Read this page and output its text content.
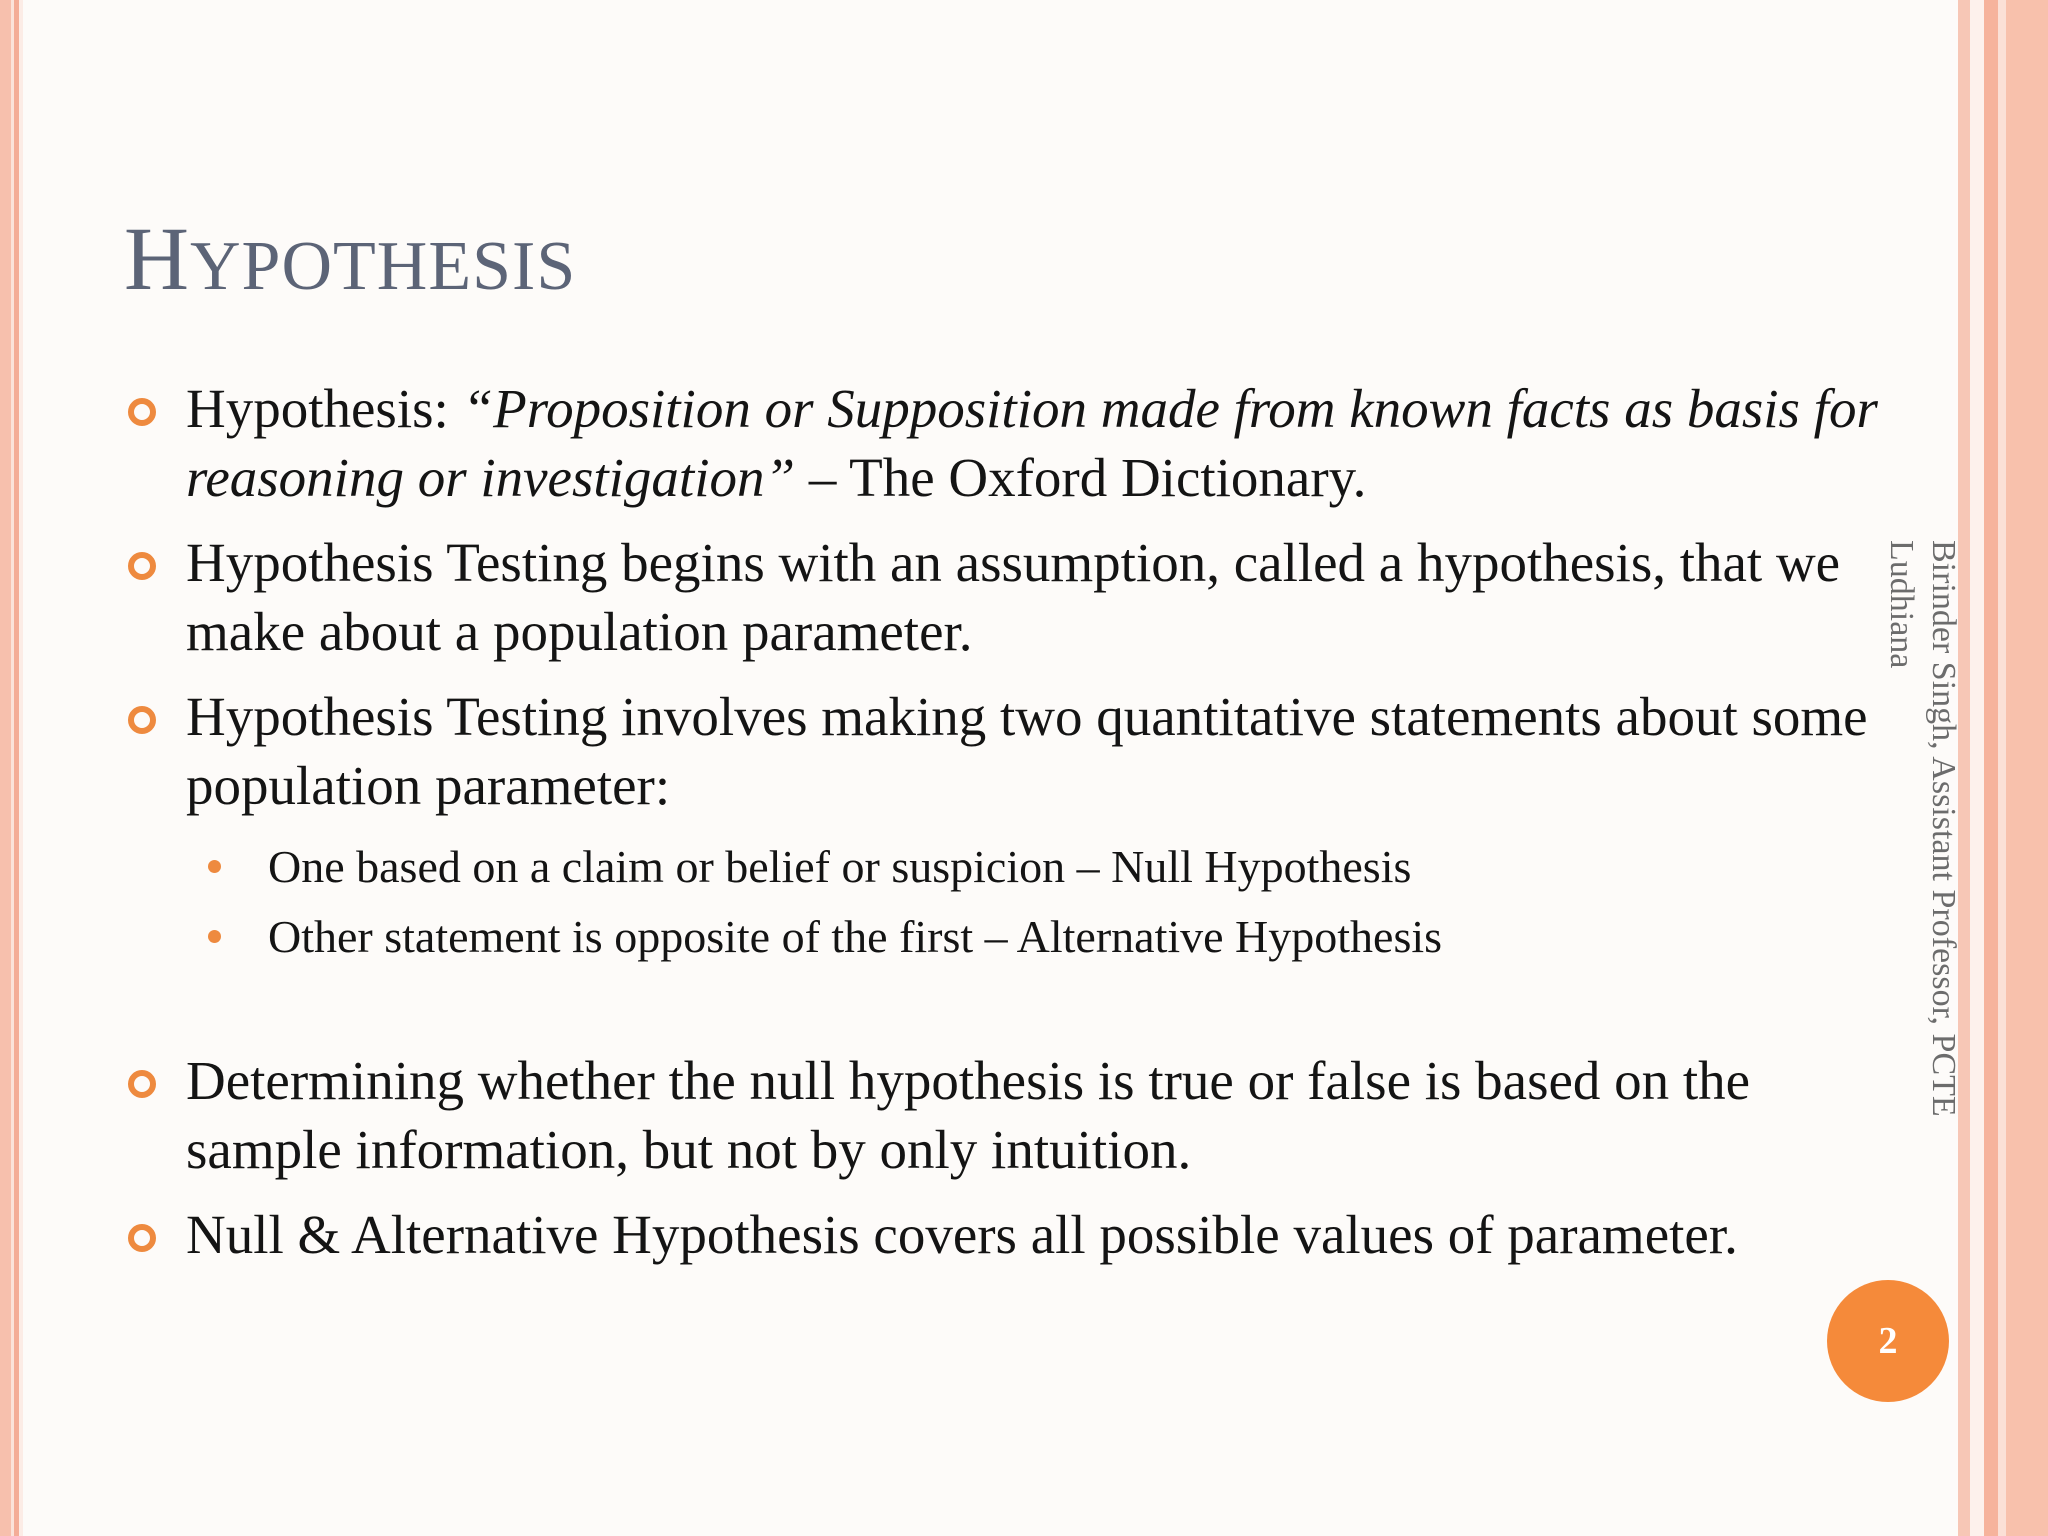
HYPOTHESIS
Hypothesis: “Proposition or Supposition made from known facts as basis for reasoning or investigation” – The Oxford Dictionary.
Hypothesis Testing begins with an assumption, called a hypothesis, that we make about a population parameter.
Hypothesis Testing involves making two quantitative statements about some population parameter:
One based on a claim or belief or suspicion – Null Hypothesis
Other statement is opposite of the first – Alternative Hypothesis
Determining whether the null hypothesis is true or false is based on the sample information, but not by only intuition.
Null & Alternative Hypothesis covers all possible values of parameter.
Birinder Singh, Assistant Professor, PCTE
Ludhiana
2
